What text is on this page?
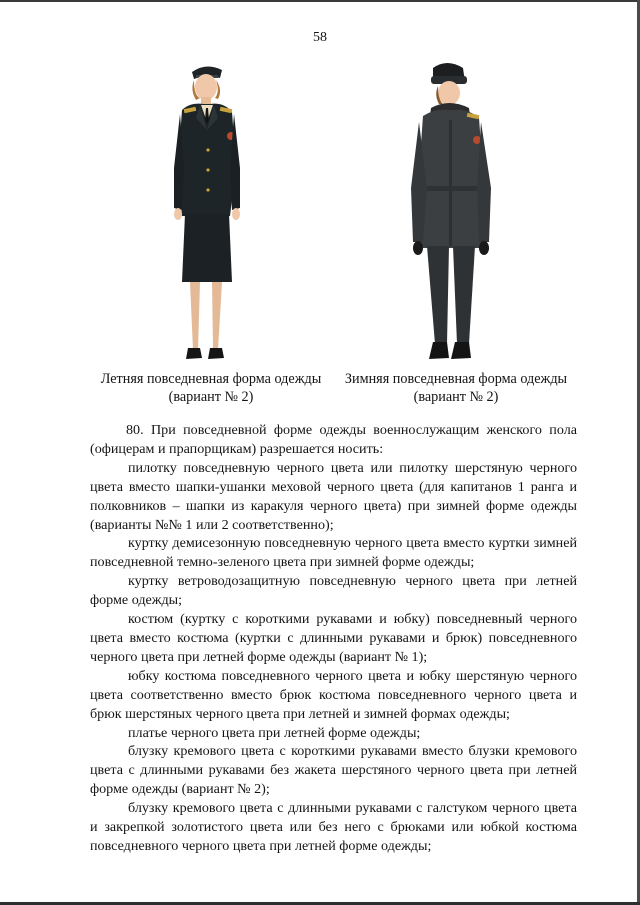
58
Летняя повседневная форма одежды
(вариант № 2)
Зимняя повседневная форма одежды
(вариант № 2)

80. При повседневной форме одежды военнослужащим женского пола (офицерам и прапорщикам) разрешается носить:

пилотку повседневную черного цвета или пилотку шерстяную черного цвета вместо шапки-ушанки меховой черного цвета (для капитанов 1 ранга и полковников – шапки из каракуля черного цвета) при зимней форме одежды (варианты №№ 1 или 2 соответственно);

куртку демисезонную повседневную черного цвета вместо куртки зимней повседневной темно-зеленого цвета при зимней форме одежды;

куртку ветроводозащитную повседневную черного цвета при летней форме одежды;

костюм (куртку с короткими рукавами и юбку) повседневный черного цвета вместо костюма (куртки с длинными рукавами и брюк) повседневного черного цвета при летней форме одежды (вариант № 1);

юбку костюма повседневного черного цвета и юбку шерстяную черного цвета соответственно вместо брюк костюма повседневного черного цвета и брюк шерстяных черного цвета при летней и зимней формах одежды;

платье черного цвета при летней форме одежды;

блузку кремового цвета с короткими рукавами вместо блузки кремового цвета с длинными рукавами без жакета шерстяного черного цвета при летней форме одежды (вариант № 2);

блузку кремового цвета с длинными рукавами с галстуком черного цвета и закрепкой золотистого цвета или без него с брюками или юбкой костюма повседневного черного цвета при летней форме одежды;
